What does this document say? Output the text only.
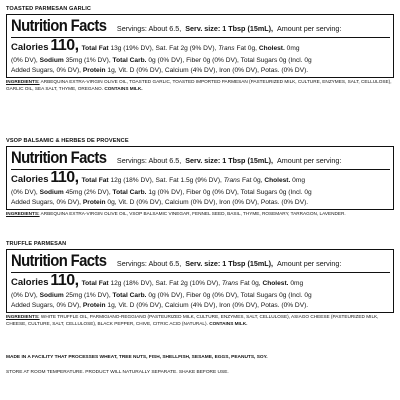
TOASTED PARMESAN GARLIC
Nutrition Facts Servings: About 6.5, Serv. size: 1 Tbsp (15mL), Amount per serving:
Calories
110, Total Fat 13g (19% DV), Sat. Fat 2g (9% DV), Trans Fat 0g, Cholest. 0mg
(0% DV), Sodium 35mg (1% DV), Total Carb. 0g (0% DV), Fiber 0g (0% DV), Total Sugars 0g (Incl. 0g
Added Sugars, 0% DV), Protein 1g, Vit. D (0% DV), Calcium (4% DV), Iron (0% DV), Potas. (0% DV).
INGREDIENTS: ARBEQUINA EXTRA-VIRGIN OLIVE OIL, TOASTED GARLIC, TOASTED IMPORTED PARMESAN (PASTEURIZED MILK, CULTURE, ENZYMES, SALT, CELLULOSE), GARLIC OIL, SEA SALT, THYME, OREGANO. CONTAINS MILK.
VSOP BALSAMIC & HERBES DE PROVENCE
Nutrition Facts Servings: About 6.5, Serv. size: 1 Tbsp (15mL), Amount per serving:
Calories
110, Total Fat 12g (18% DV), Sat. Fat 1.5g (9% DV), Trans Fat 0g, Cholest. 0mg
(0% DV), Sodium 45mg (2% DV), Total Carb. 1g (0% DV), Fiber 0g (0% DV), Total Sugars 0g (Incl. 0g
Added Sugars, 0% DV), Protein 0g, Vit. D (0% DV), Calcium (0% DV), Iron (0% DV), Potas. (0% DV).
INGREDIENTS: ARBEQUINA EXTRA-VIRGIN OLIVE OIL, VSOP BALSAMIC VINEGAR, FENNEL SEED, BASIL, THYME, ROSEMARY, TARRAGON, LAVENDER.
TRUFFLE PARMESAN
Nutrition Facts Servings: About 6.5, Serv. size: 1 Tbsp (15mL), Amount per serving:
Calories
110, Total Fat 12g (18% DV), Sat. Fat 2g (10% DV), Trans Fat 0g, Cholest. 0mg
(0% DV), Sodium 25mg (1% DV), Total Carb. 0g (0% DV), Fiber 0g (0% DV), Total Sugars 0g (Incl. 0g
Added Sugars, 0% DV), Protein 1g, Vit. D (0% DV), Calcium (4% DV), Iron (0% DV), Potas. (0% DV).
INGREDIENTS: WHITE TRUFFLE OIL, PARMIGIANO-REGGIANO (PASTEURIZED MILK, CULTURE, ENZYMES, SALT, CELLULOSE), ASIAGO CHEESE (PASTEURIZED MILK, CHEESE, CULTURE, SALT, CELLULOSE), BLACK PEPPER, CHIVE, CITRIC ACID (NATURAL). CONTAINS MILK.
MADE IN A FACILITY THAT PROCESSES WHEAT, TREE NUTS, FISH, SHELLFISH, SESAME, EGGS, PEANUTS, SOY.
STORE AT ROOM TEMPERATURE. PRODUCT WILL NATURALLY SEPARATE. SHAKE BEFORE USE.
